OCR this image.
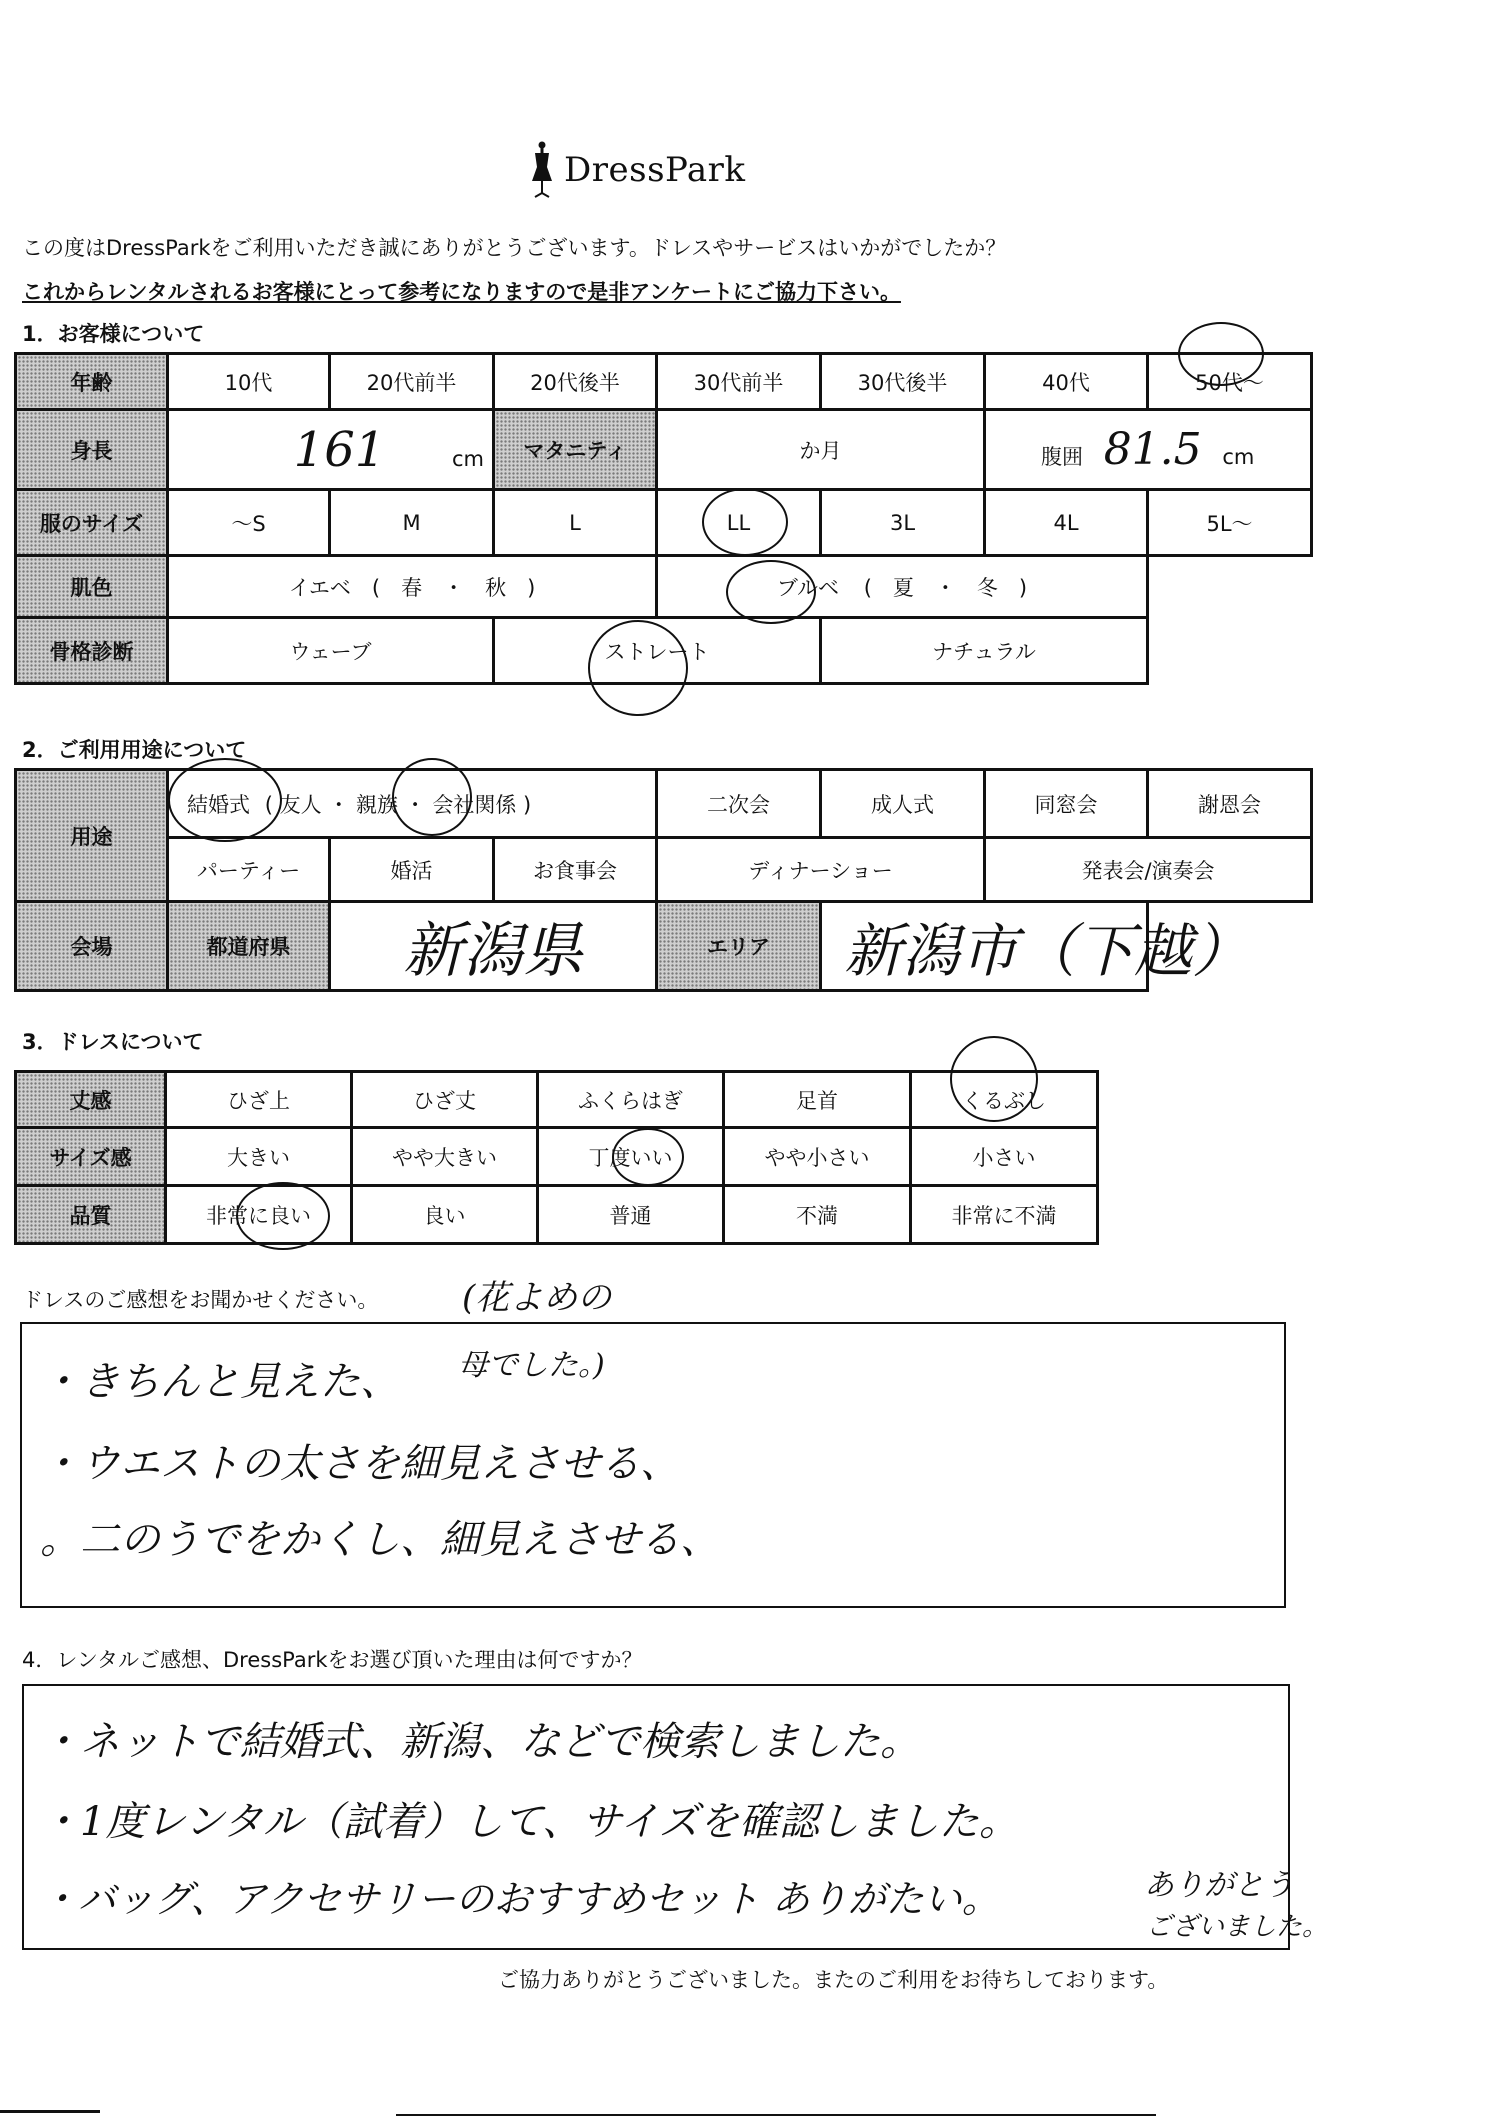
DressPark
この度はDressParkをご利用いただき誠にありがとうございます。ドレスやサービスはいかがでしたか？
これからレンタルされるお客様にとって参考になりますので是非アンケートにご協力下さい。
1．お客様について
年齢	10代	20代前半	20代後半	30代前半	30代後半	40代	50代～
身長	161 cm		マタニティ	か月		腹囲 81.5 cm	
服のサイズ	～S	M	L	LL	3L	4L	5L～
肌色	イエベ　(　春　・　秋　)			ブルベ (　夏　・　冬　)			
骨格診断	ウェーブ		ストレート		ナチュラル		
2．ご利用用途について
用途	結婚式 ( 友人 ・ 親族 ・ 会社関係 )			二次会	成人式	同窓会	謝恩会
	パーティー	婚活	お食事会	ディナーショー		発表会/演奏会	
会場	都道府県	新潟県		エリア	新潟市（下越）		
3．ドレスについて
丈感	ひざ上	ひざ丈	ふくらはぎ	足首	くるぶし
サイズ感	大きい	やや大きい	丁度いい	やや小さい	小さい
品質	非常に良い	良い	普通	不満	非常に不満
ドレスのご感想をお聞かせください。 (花よめの
母でした。)
・きちんと見えた、
・ウエストの太さを細見えさせる、
。二のうでをかくし、細見えさせる、
4．レンタルご感想、DressParkをお選び頂いた理由は何ですか？
・ネットで結婚式、新潟、などで検索しました。
・1度レンタル（試着）して、サイズを確認しました。
・バッグ、アクセサリーのおすすめセット ありがたい。	ありがとう
ございました。
ご協力ありがとうございました。またのご利用をお待ちしております。
